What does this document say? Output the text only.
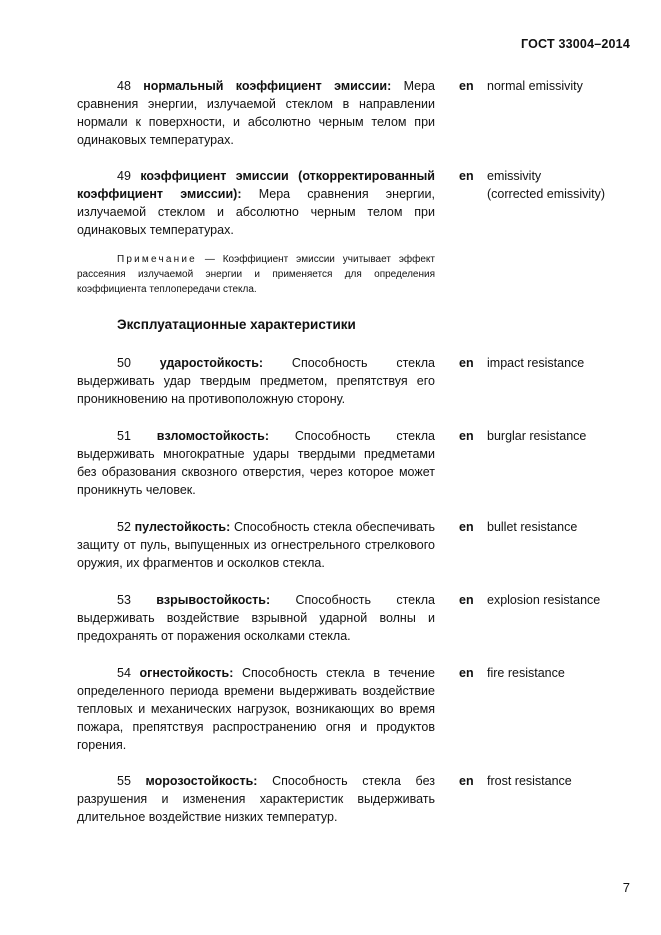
ГОСТ 33004–2014
48 нормальный коэффициент эмиссии: Мера сравнения энергии, излучаемой стеклом в направлении нормали к поверхности, и абсолютно черным телом при одинаковых температурах.
en normal emissivity
49 коэффициент эмиссии (откорректированный коэффициент эмиссии): Мера сравнения энергии, излучаемой стеклом и абсолютно черным телом при одинаковых температурах.
en emissivity
(corrected emissivity)
Примечание — Коэффициент эмиссии учитывает эффект рассеяния излучаемой энергии и применяется для определения коэффициента теплопередачи стекла.
Эксплуатационные характеристики
50 ударостойкость: Способность стекла выдерживать удар твердым предметом, препятствуя его проникновению на противоположную сторону.
en impact resistance
51 взломостойкость: Способность стекла выдерживать многократные удары твердыми предметами без образования сквозного отверстия, через которое может проникнуть человек.
en burglar resistance
52 пулестойкость: Способность стекла обеспечивать защиту от пуль, выпущенных из огнестрельного стрелкового оружия, их фрагментов и осколков стекла.
en bullet resistance
53 взрывостойкость: Способность стекла выдерживать воздействие взрывной ударной волны и предохранять от поражения осколками стекла.
en explosion resistance
54 огнестойкость: Способность стекла в течение определенного периода времени выдерживать воздействие тепловых и механических нагрузок, возникающих во время пожара, препятствуя распространению огня и продуктов горения.
en fire resistance
55 морозостойкость: Способность стекла без разрушения и изменения характеристик выдерживать длительное воздействие низких температур.
en frost resistance
7
